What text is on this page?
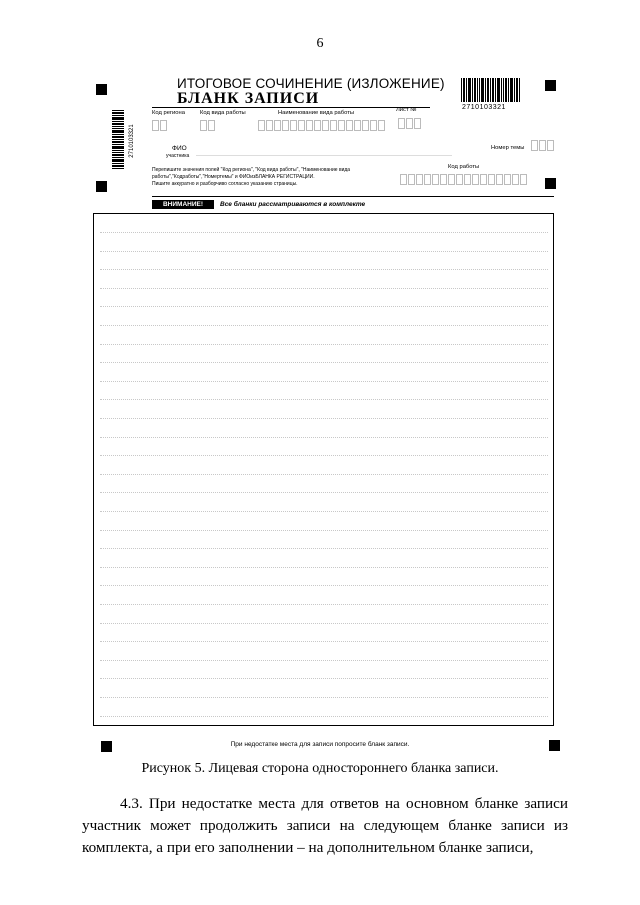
6
ИТОГОВОЕ СОЧИНЕНИЕ (ИЗЛОЖЕНИЕ)
БЛАНК ЗАПИСИ
2710103321
2710103321
Код региона	Код вида работы	Наименование вида работы	Лист №
ФИО
участника
Номер темы
Перепишите значения полей "Код региона", "Код вида работы", "Наименование вида
работы","Кодработы","Номертемы" и ФИОизБЛАНКА РЕГИСТРАЦИИ.
Пишите аккуратно и разборчиво согласно указанию страницы.
Код работы
ВНИМАНИЕ!	Все бланки рассматриваются в комплекте
При недостатке места для записи попросите бланк записи.
Рисунок 5. Лицевая сторона одностороннего бланка записи.
4.3. При недостатке места для ответов на основном бланке записи участник может продолжить записи на следующем бланке записи из комплекта, а при его заполнении – на дополнительном бланке записи,
